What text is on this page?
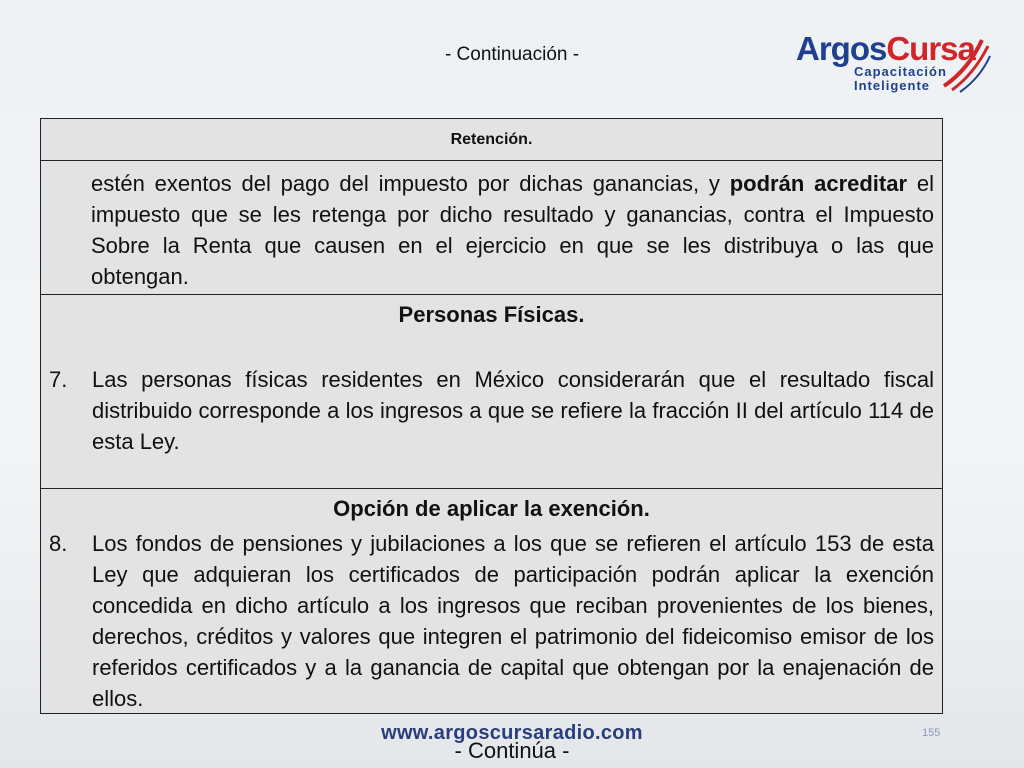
- Continuación -	ArgosCursa
Capacitación
Inteligente
Retención.

estén exentos del pago del impuesto por dichas ganancias, y podrán acreditar el impuesto que se les retenga por dicho resultado y ganancias, contra el Impuesto Sobre la Renta que causen en el ejercicio en que se les distribuya o las que obtengan.

Personas Físicas.
7. Las personas físicas residentes en México considerarán que el resultado fiscal distribuido corresponde a los ingresos a que se refiere la fracción II del artículo 114 de esta Ley.

Opción de aplicar la exención.
8. Los fondos de pensiones y jubilaciones a los que se refieren el artículo 153 de esta Ley que adquieran los certificados de participación podrán aplicar la exención concedida en dicho artículo a los ingresos que reciban provenientes de los bienes, derechos, créditos y valores que integren el patrimonio del fideicomiso emisor de los referidos certificados y a la ganancia de capital que obtengan por la enajenación de ellos.

www.argoscursaradio.com	155
- Continúa -
